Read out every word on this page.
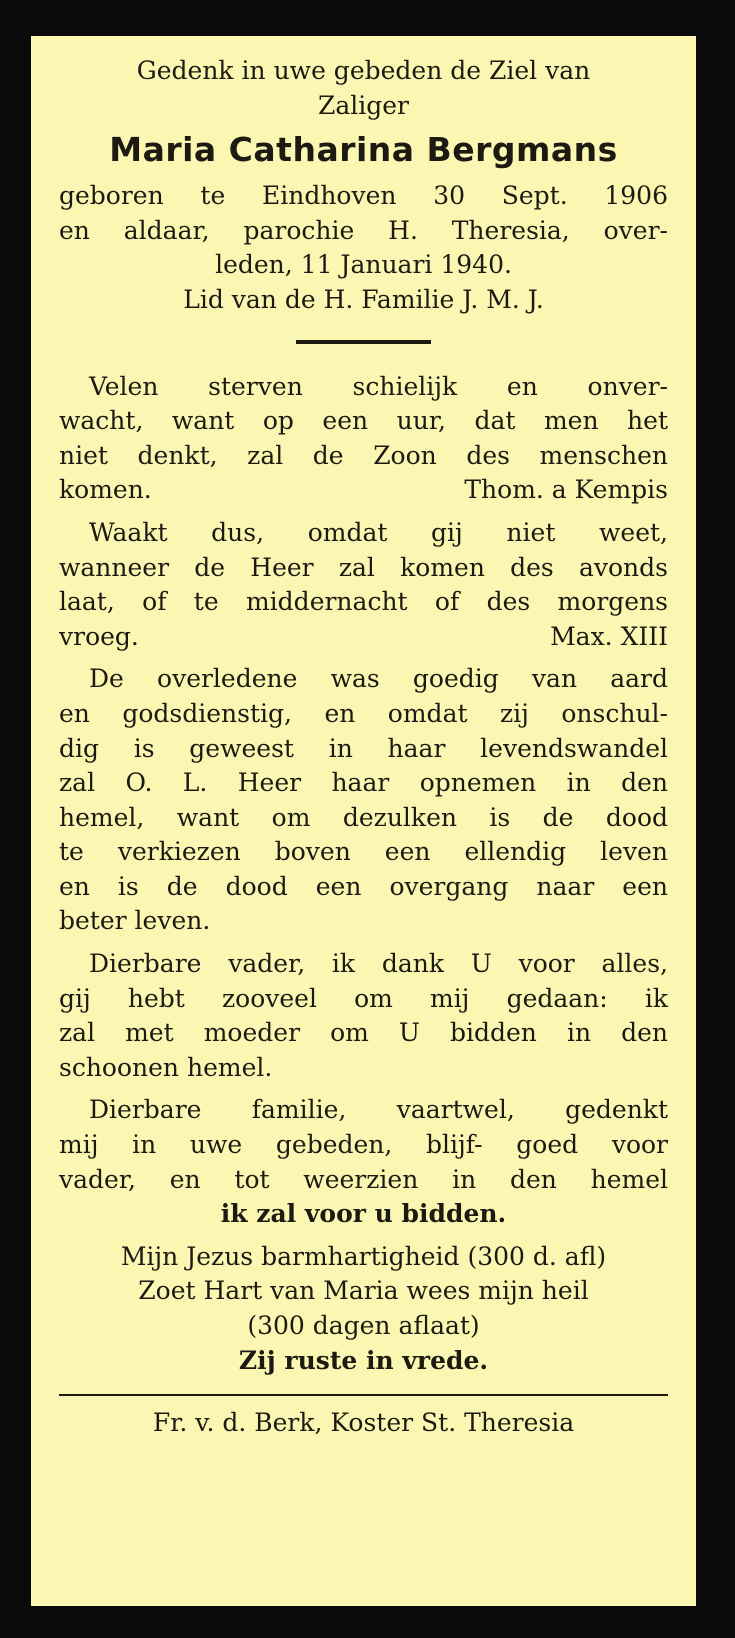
Gedenk in uwe gebeden de Ziel van
Zaliger
Maria Catharina Bergmans
geboren te Eindhoven 30 Sept. 1906
en aldaar, parochie H. Theresia, over-
leden, 11 Januari 1940.
Lid van de H. Familie J. M. J.
Velen sterven schielijk en onver-
wacht, want op een uur, dat men het
niet denkt, zal de Zoon des menschen
komen.	Thom. a Kempis
Waakt dus, omdat gij niet weet,
wanneer de Heer zal komen des avonds
laat, of te middernacht of des morgens
vroeg.	Max. XIII
De overledene was goedig van aard
en godsdienstig, en omdat zij onschul-
dig is geweest in haar levendswandel
zal O. L. Heer haar opnemen in den
hemel, want om dezulken is de dood
te verkiezen boven een ellendig leven
en is de dood een overgang naar een
beter leven.
Dierbare vader, ik dank U voor alles,
gij hebt zooveel om mij gedaan: ik
zal met moeder om U bidden in den
schoonen hemel.
Dierbare familie, vaartwel, gedenkt
mij in uwe gebeden, blijf- goed voor
vader, en tot weerzien in den hemel
ik zal voor u bidden.
Mijn Jezus barmhartigheid (300 d. afl)
Zoet Hart van Maria wees mijn heil
(300 dagen aflaat)
Zij ruste in vrede.
Fr. v. d. Berk, Koster St. Theresia
